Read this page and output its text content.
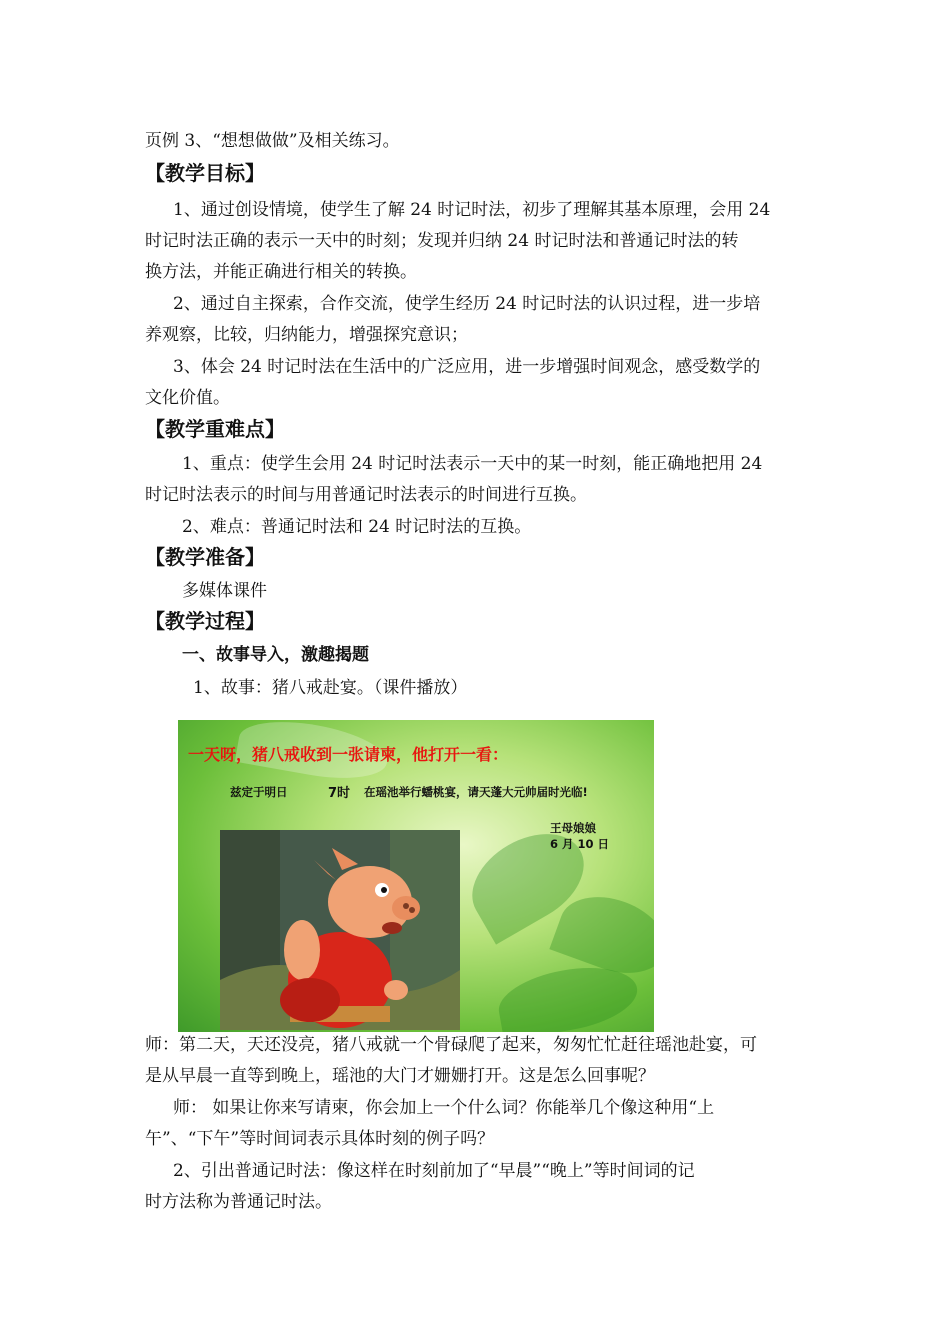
页例 3、“想想做做”及相关练习。
【教学目标】
1、通过创设情境，使学生了解 24 时记时法，初步了理解其基本原理，会用 24
时记时法正确的表示一天中的时刻；发现并归纳 24 时记时法和普通记时法的转
换方法，并能正确进行相关的转换。
2、通过自主探索，合作交流，使学生经历 24 时记时法的认识过程，进一步培
养观察，比较，归纳能力，增强探究意识；
3、体会 24 时记时法在生活中的广泛应用，进一步增强时间观念，感受数学的
文化价值。
【教学重难点】
1、重点：使学生会用 24 时记时法表示一天中的某一时刻，能正确地把用 24
时记时法表示的时间与用普通记时法表示的时间进行互换。
2、难点：普通记时法和 24 时记时法的互换。
【教学准备】
多媒体课件
【教学过程】
一、故事导入，激趣揭题
1、故事：猪八戒赴宴。（课件播放）
一天呀，猪八戒收到一张请柬，他打开一看：
兹定于明日	7时 在瑶池举行蟠桃宴，请天蓬大元帅届时光临!
王母娘娘
6 月 10 日
师：第二天，天还没亮，猪八戒就一个骨碌爬了起来，匆匆忙忙赶往瑶池赴宴，可
是从早晨一直等到晚上，瑶池的大门才姗姗打开。这是怎么回事呢？
师： 如果让你来写请柬，你会加上一个什么词？你能举几个像这种用“上
午”、“下午”等时间词表示具体时刻的例子吗？
2、引出普通记时法：像这样在时刻前加了“早晨”“晚上”等时间词的记
时方法称为普通记时法。
